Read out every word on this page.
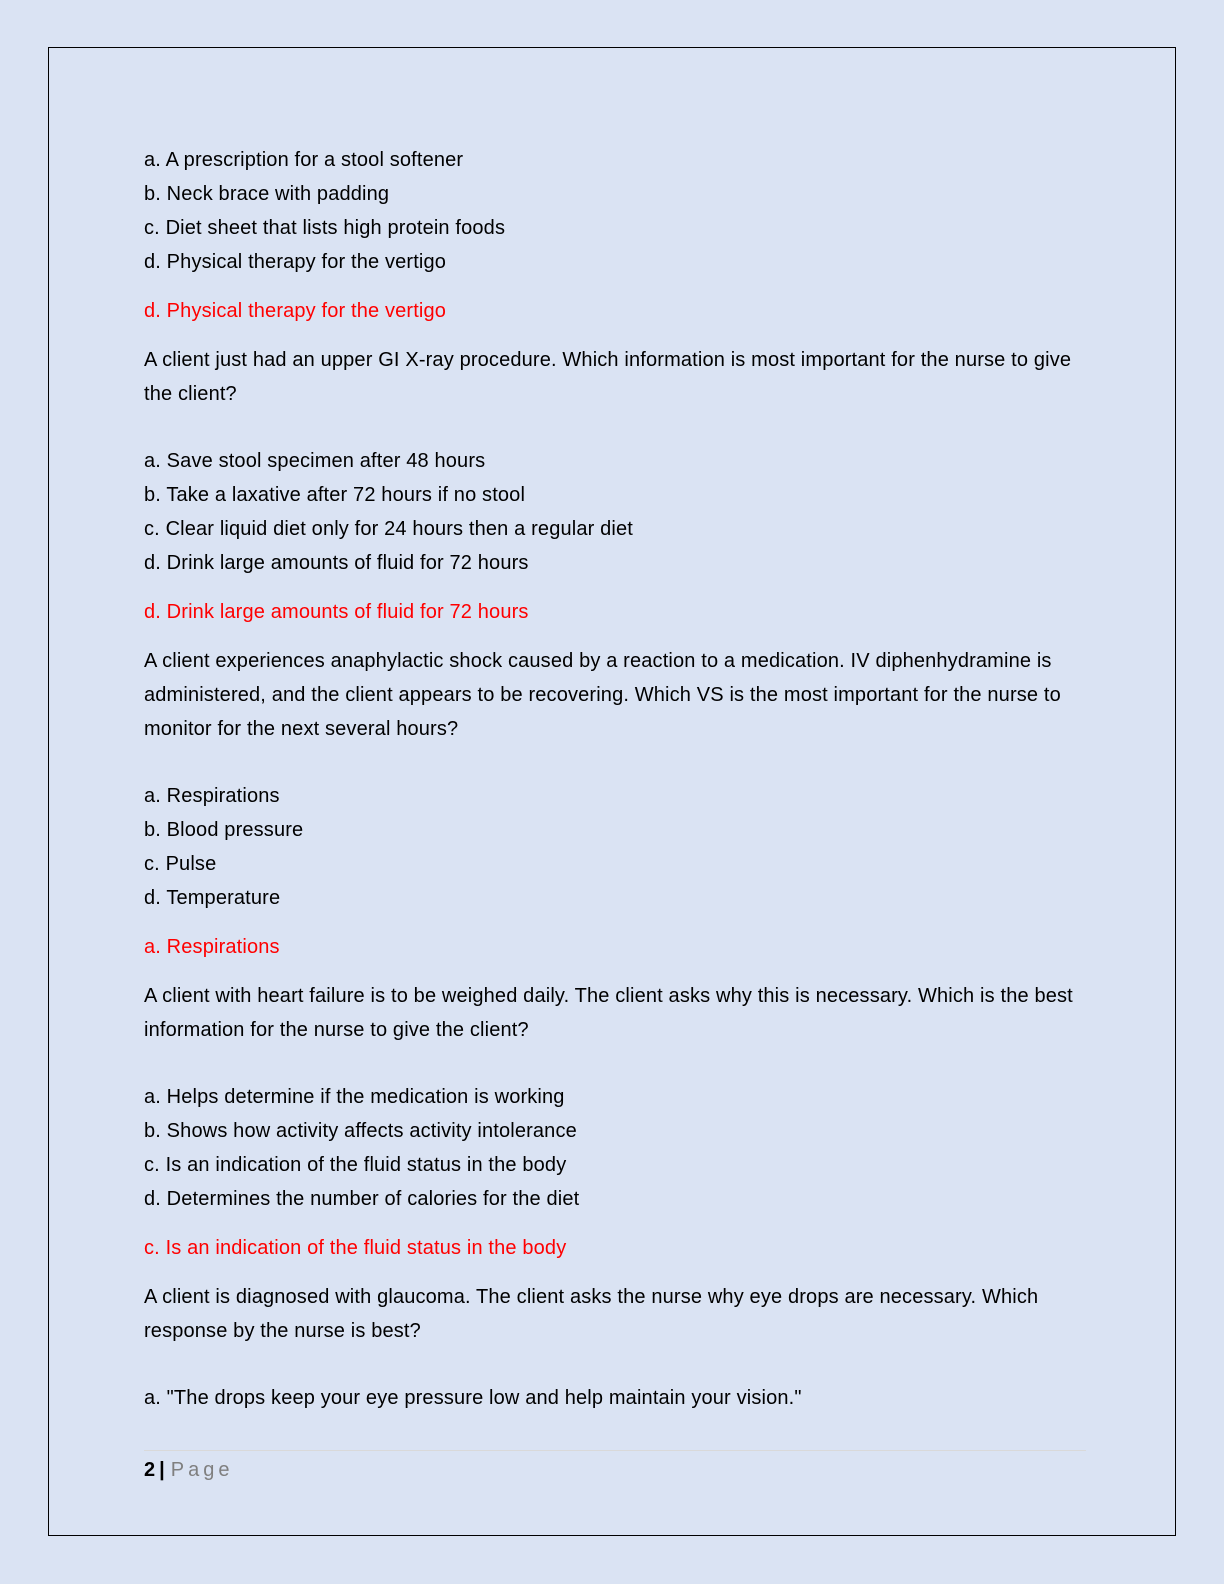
a. A prescription for a stool softener

b. Neck brace with padding

c. Diet sheet that lists high protein foods

d. Physical therapy for the vertigo

d. Physical therapy for the vertigo

A client just had an upper GI X-ray procedure. Which information is most important for the nurse to give the client?

a. Save stool specimen after 48 hours

b. Take a laxative after 72 hours if no stool

c. Clear liquid diet only for 24 hours then a regular diet

d. Drink large amounts of fluid for 72 hours

d. Drink large amounts of fluid for 72 hours

A client experiences anaphylactic shock caused by a reaction to a medication. IV diphenhydramine is administered, and the client appears to be recovering. Which VS is the most important for the nurse to monitor for the next several hours?

a. Respirations

b. Blood pressure

c. Pulse

d. Temperature

a. Respirations

A client with heart failure is to be weighed daily. The client asks why this is necessary. Which is the best information for the nurse to give the client?

a. Helps determine if the medication is working

b. Shows how activity affects activity intolerance

c. Is an indication of the fluid status in the body

d. Determines the number of calories for the diet

c. Is an indication of the fluid status in the body

A client is diagnosed with glaucoma. The client asks the nurse why eye drops are necessary. Which response by the nurse is best?

a. "The drops keep your eye pressure low and help maintain your vision."

2 | Page
